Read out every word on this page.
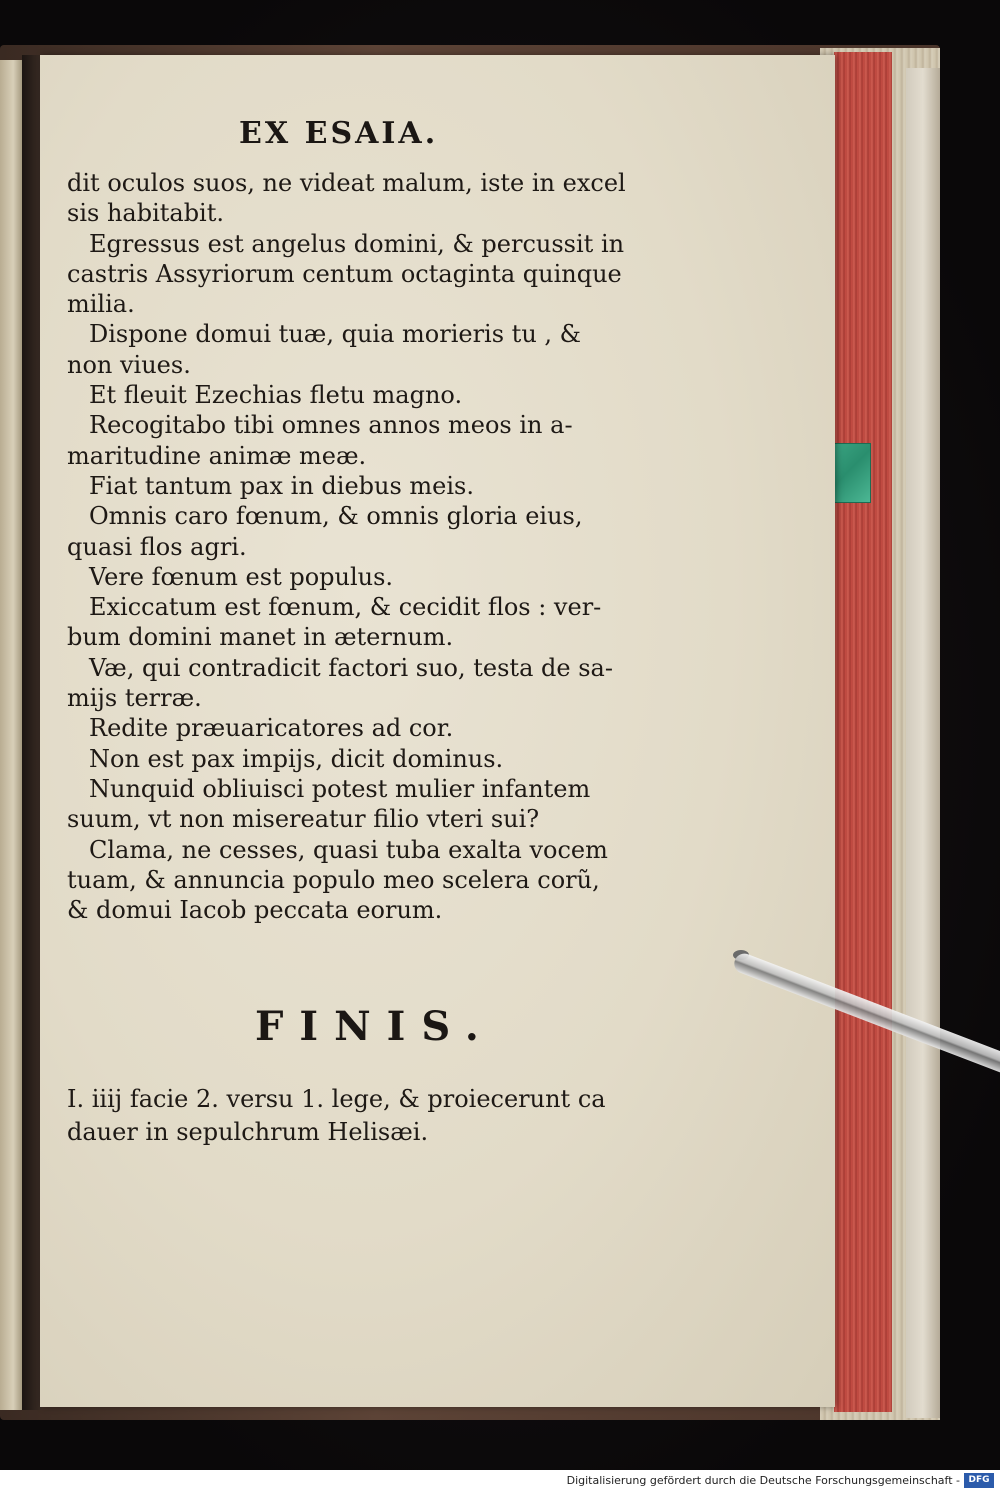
EX ESAIA.
dit oculos suos, ne videat malum, iste in excel
sis habitabit.
Egressus est angelus domini, & percussit in
castris Assyriorum centum octaginta quinque
milia.
Dispone domui tuæ, quia morieris tu , &
non viues.
Et fleuit Ezechias fletu magno.
Recogitabo tibi omnes annos meos in a-
maritudine animæ meæ.
Fiat tantum pax in diebus meis.
Omnis caro fœnum, & omnis gloria eius,
quasi flos agri.
Vere fœnum est populus.
Exiccatum est fœnum, & cecidit flos : ver-
bum domini manet in æternum.
Væ, qui contradicit factori suo, testa de sa-
mijs terræ.
Redite præuaricatores ad cor.
Non est pax impijs, dicit dominus.
Nunquid obliuisci potest mulier infantem
suum, vt non misereatur filio vteri sui?
Clama, ne cesses, quasi tuba exalta vocem
tuam, & annuncia populo meo scelera corũ,
& domui Iacob peccata eorum.
FINIS.
I. iiij facie 2. versu 1. lege, & proiecerunt ca
dauer in sepulchrum Helisæi.
Digitalisierung gefördert durch die Deutsche Forschungsgemeinschaft - DFG
